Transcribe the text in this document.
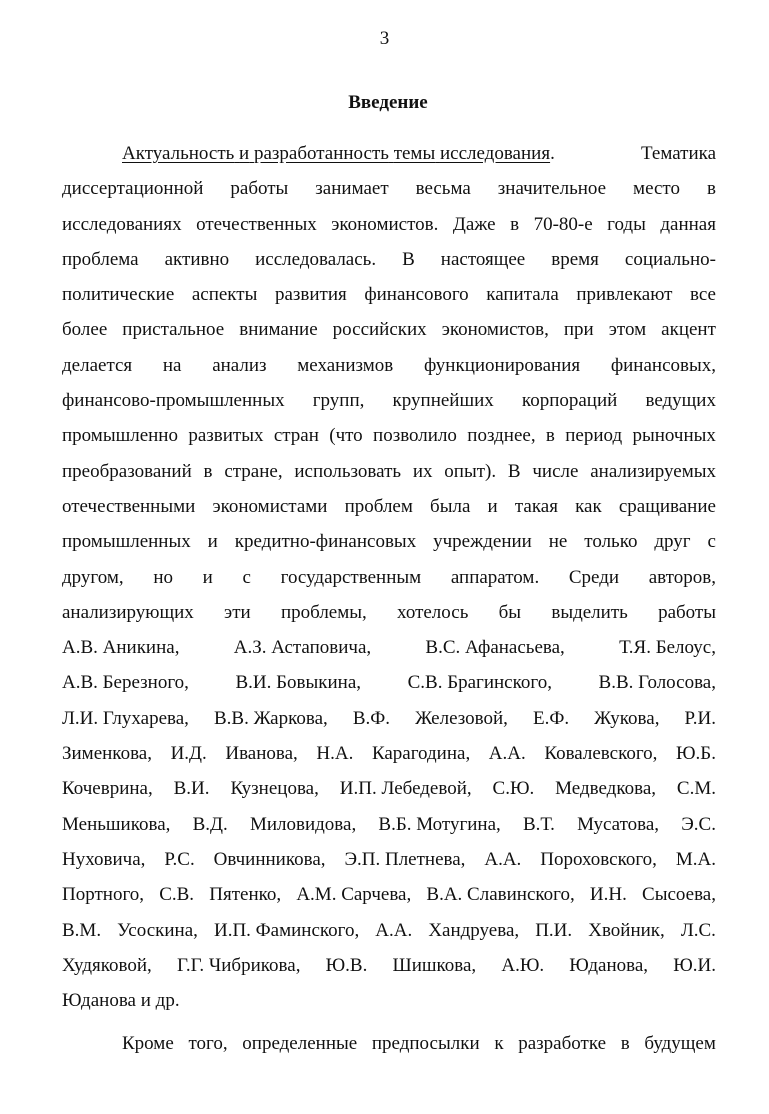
3
Введение
Актуальность
и
разработанность
темы
исследования .	Тематика
диссертационной работы занимает весьма значительное место в
исследованиях отечественных экономистов. Даже в 70-80-е годы данная
проблема активно исследовалась. В настоящее время социально-
политические аспекты развития финансового капитала привлекают все
более пристальное внимание российских экономистов, при этом акцент
делается на анализ механизмов функционирования финансовых,
финансово-промышленных групп, крупнейших корпораций ведущих
промышленно развитых стран (что позволило позднее, в период рыночных
преобразований в стране, использовать их опыт). В числе анализируемых
отечественными экономистами проблем была и такая как сращивание
промышленных и кредитно-финансовых учреждении не только друг с
другом, но и с государственным аппаратом. Среди авторов,
анализирующих эти проблемы, хотелось бы выделить работы
А.В. Аникина,	А.З. Астаповича,	В.С. Афанасьева,	Т.Я. Белоус,
А.В. Березного, В.И. Бовыкина, С.В. Брагинского, В.В. Голосова,
Л.И. Глухарева, В.В. Жаркова, В.Ф. Железовой, Е.Ф. Жукова, Р.И.
Зименкова, И.Д. Иванова, Н.А. Карагодина, А.А. Ковалевского, Ю.Б.
Кочеврина, В.И. Кузнецова, И.П. Лебедевой, С.Ю. Медведкова, С.М.
Меньшикова, В.Д. Миловидова, В.Б. Мотугина, В.Т. Мусатова, Э.С.
Нуховича, Р.С. Овчинникова, Э.П. Плетнева, А.А. Пороховского, М.А.
Портного, С.В. Пятенко, А.М. Сарчева, В.А. Славинского, И.Н. Сысоева,
В.М. Усоскина, И.П. Фаминского, А.А. Хандруева, П.И. Хвойник, Л.С.
Худяковой, Г.Г. Чибрикова, Ю.В. Шишкова, А.Ю. Юданова, Ю.И.
Юданова и др.
Кроме того, определенные предпосылки к разработке в будущем
